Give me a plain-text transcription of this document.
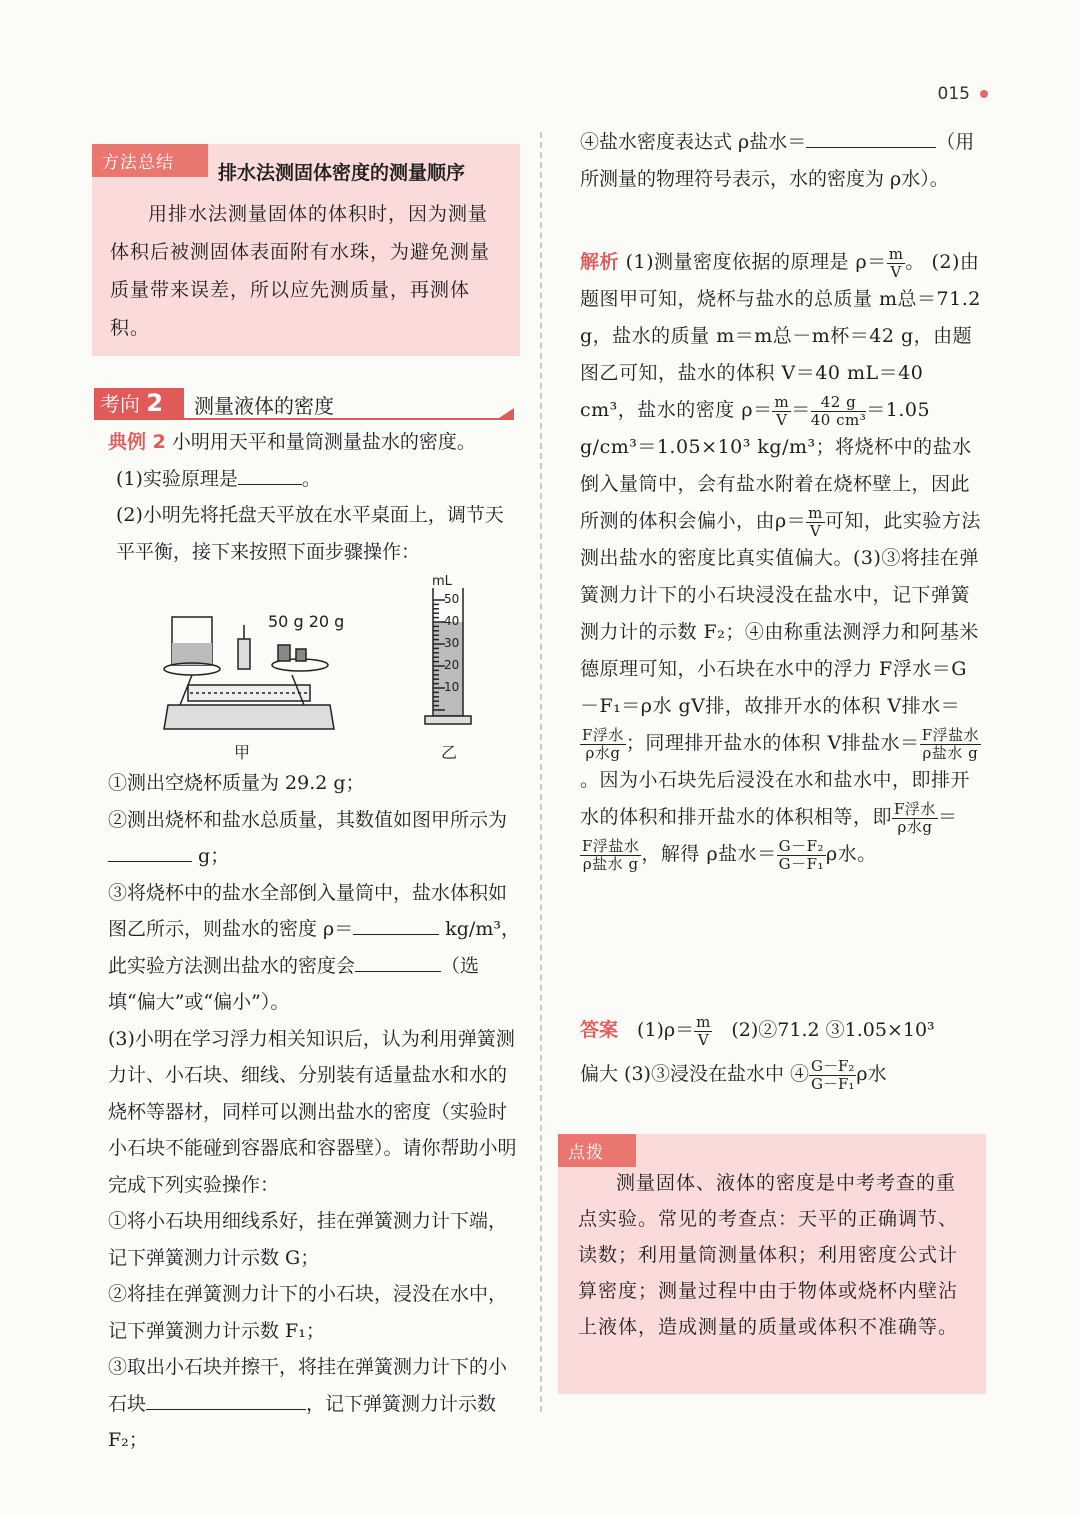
015
方法总结	排水法测固体密度的测量顺序
用排水法测量固体的体积时，因为测量体积后被测固体表面附有水珠，为避免测量质量带来误差，所以应先测质量，再测体积。
考向 2	测量液体的密度
典例 2 小明用天平和量筒测量盐水的密度。
(1)实验原理是	。
(2)小明先将托盘天平放在水平桌面上，调节天平平衡，接下来按照下面步骤操作：
50 g 20 g
甲
mL
50
40
30
20
10
乙
①测出空烧杯质量为 29.2 g；
②测出烧杯和盐水总质量，其数值如图甲所示为 g；
③将烧杯中的盐水全部倒入量筒中，盐水体积如图乙所示，则盐水的密度 ρ＝	kg/m³，此实验方法测出盐水的密度会	（选填“偏大”或“偏小”）。
(3)小明在学习浮力相关知识后，认为利用弹簧测力计、小石块、细线、分别装有适量盐水和水的烧杯等器材，同样可以测出盐水的密度（实验时小石块不能碰到容器底和容器壁）。请你帮助小明完成下列实验操作：
①将小石块用细线系好，挂在弹簧测力计下端，记下弹簧测力计示数 G；
②将挂在弹簧测力计下的小石块，浸没在水中，记下弹簧测力计示数 F₁；
③取出小石块并擦干，将挂在弹簧测力计下的小石块	，记下弹簧测力计示数 F₂；
④盐水密度表达式 ρ盐水＝	（用所测量的物理符号表示，水的密度为 ρ水）。
解析 (1)测量密度依据的原理是 $\rho= \frac{m}{V}$ 。 (2)由题图甲可知，烧杯与盐水的总质量 m总＝71.2 g，盐水的质量 m＝m总－m杯＝42 g，由题图乙可知，盐水的体积 V＝40 mL＝40 cm³，盐水的密度 $\rho= \frac{m}{V} = \frac{42 g}{\text{40 cm³}} =1.05$ g/cm³＝1.05×10³ kg/m³；将烧杯中的盐水倒入量筒中，会有盐水附着在烧杯壁上，因此所测的体积会偏小，由$\rho= \frac{m}{V}$ 可知，此实验方法测出盐水的密度比真实值偏大。(3)③将挂在弹簧测力计下的小石块浸没在盐水中，记下弹簧测力计的示数 F₂；④由称重法测浮力和阿基米德原理可知，小石块在水中的浮力 F浮水＝G－F₁＝ρ水 gV排，故排开水的体积 V排水＝
F浮水
ρ水g ；同理排开盐水的体积 V排盐水＝ F浮盐水
ρ盐水 g
。因为小石块先后浸没在水和盐水中，即排开水的体积和排开盐水的体积相等，即 F浮水
ρ水g ＝
F浮盐水
ρ盐水 g ，解得 ρ盐水＝ $\frac{\text{G－F₂}}{\text{G－F₁}}$ ρ水。
答案　 $(1)\rho= \frac{m}{V}$
　 (2)②71.2 ③1.05×10³
偏大 (3)③浸没在盐水中 ④ $\frac{\text{G－F₂}}{\text{G－F₁}}$ ρ水
点拨
测量固体、液体的密度是中考考查的重点实验。常见的考查点：天平的正确调节、读数；利用量筒测量体积；利用密度公式计算密度；测量过程中由于物体或烧杯内壁沾上液体，造成测量的质量或体积不准确等。
